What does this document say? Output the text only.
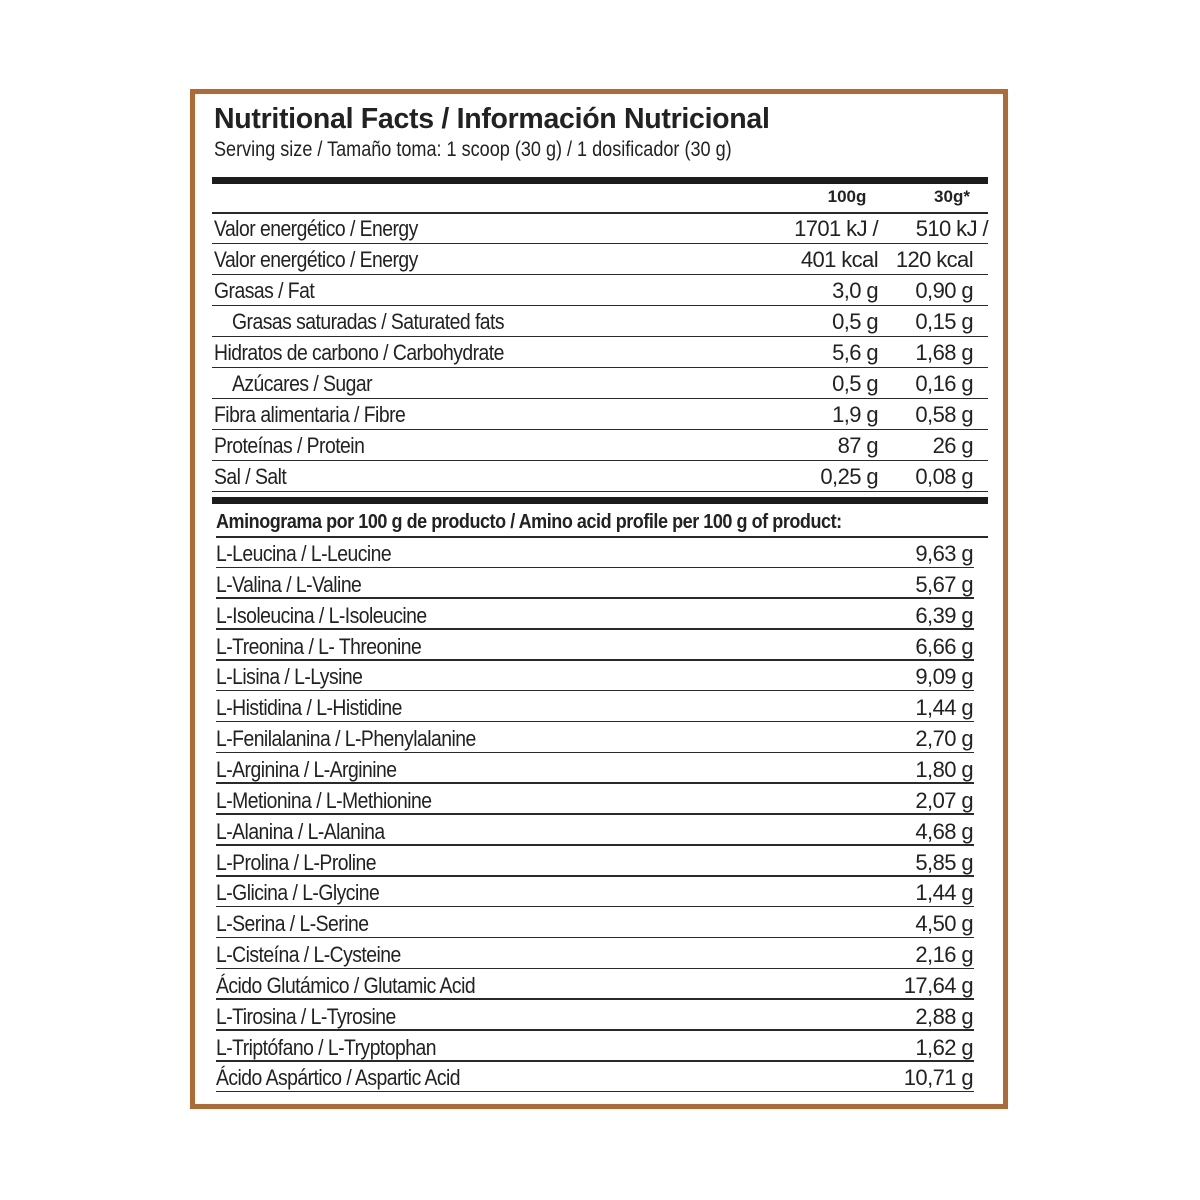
Nutritional Facts / Información Nutricional
Serving size / Tamaño toma: 1 scoop (30 g) / 1 dosificador (30 g)
100g	30g*
Valor energético / Energy	1701 kJ / 510 kJ /
Valor energético / Energy	401 kcal 120 kcal
Grasas / Fat	3,0 g 0,90 g
Grasas saturadas / Saturated fats	0,5 g 0,15 g
Hidratos de carbono / Carbohydrate	5,6 g 1,68 g
Azúcares / Sugar	0,5 g 0,16 g
Fibra alimentaria / Fibre	1,9 g 0,58 g
Proteínas / Protein	87 g 26 g
Sal / Salt	0,25 g 0,08 g
Aminograma por 100 g de producto / Amino acid profile per 100 g of product:
L-Leucina / L-Leucine	9,63 g
L-Valina / L-Valine	5,67 g
L-Isoleucina / L-Isoleucine	6,39 g
L-Treonina / L- Threonine	6,66 g
L-Lisina / L-Lysine	9,09 g
L-Histidina / L-Histidine	1,44 g
L-Fenilalanina / L-Phenylalanine	2,70 g
L-Arginina / L-Arginine	1,80 g
L-Metionina / L-Methionine	2,07 g
L-Alanina / L-Alanina	4,68 g
L-Prolina / L-Proline	5,85 g
L-Glicina / L-Glycine	1,44 g
L-Serina / L-Serine	4,50 g
L-Cisteína / L-Cysteine	2,16 g
Ácido Glutámico / Glutamic Acid	17,64 g
L-Tirosina / L-Tyrosine	2,88 g
L-Triptófano / L-Tryptophan	1,62 g
Ácido Aspártico / Aspartic Acid	10,71 g
